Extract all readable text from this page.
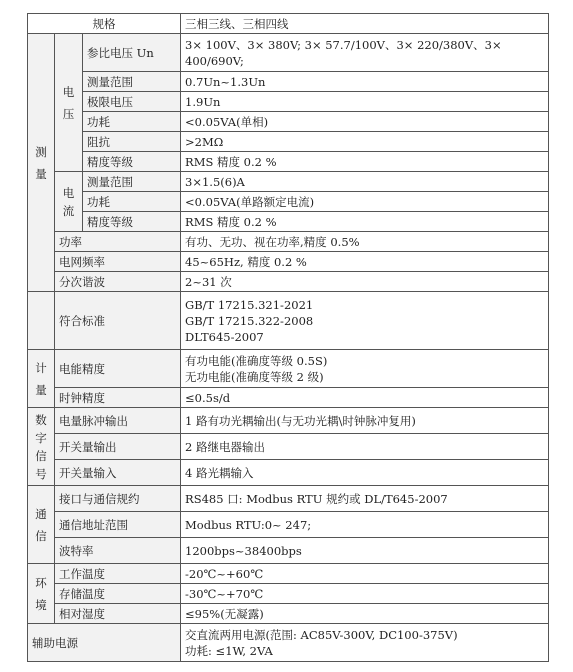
规格			三相三线、三相四线
测量	电压	参比电压 Un	3× 100V、3× 380V; 3× 57.7/100V、3× 220/380V、3× 400/690V;
		测量范围	0.7Un~1.3Un
		极限电压	1.9Un
		功耗	<0.05VA(单相)
		阻抗	>2MΩ
		精度等级	RMS 精度 0.2 %
	电流	测量范围	3×1.5(6)A
		功耗	<0.05VA(单路额定电流)
		精度等级	RMS 精度 0.2 %
	功率		有功、无功、视在功率,精度 0.5%
	电网频率		45~65Hz, 精度 0.2 %
	分次谐波		2~31 次
	符合标准		GB/T 17215.321-2021
GB/T 17215.322-2008
DLT645-2007

计量	电能精度		有功电能(准确度等级 0.5S)
无功电能(准确度等级 2 级)

	时钟精度		≤0.5s/d
数字信号	电量脉冲输出		1 路有功光耦输出(与无功光耦\时钟脉冲复用)
	开关量输出		2 路继电器输出
	开关量输入		4 路光耦输入
通信	接口与通信规约		RS485 口: Modbus RTU 规约或 DL/T645-2007
	通信地址范围		Modbus RTU:0~ 247;
	波特率		1200bps~38400bps
环境	工作温度		-20℃~+60℃
	存储温度		-30℃~+70℃
	相对湿度		≤95%(无凝露)
辅助电源			交直流两用电源(范围: AC85V-300V, DC100-375V)
功耗: ≤1W, 2VA
